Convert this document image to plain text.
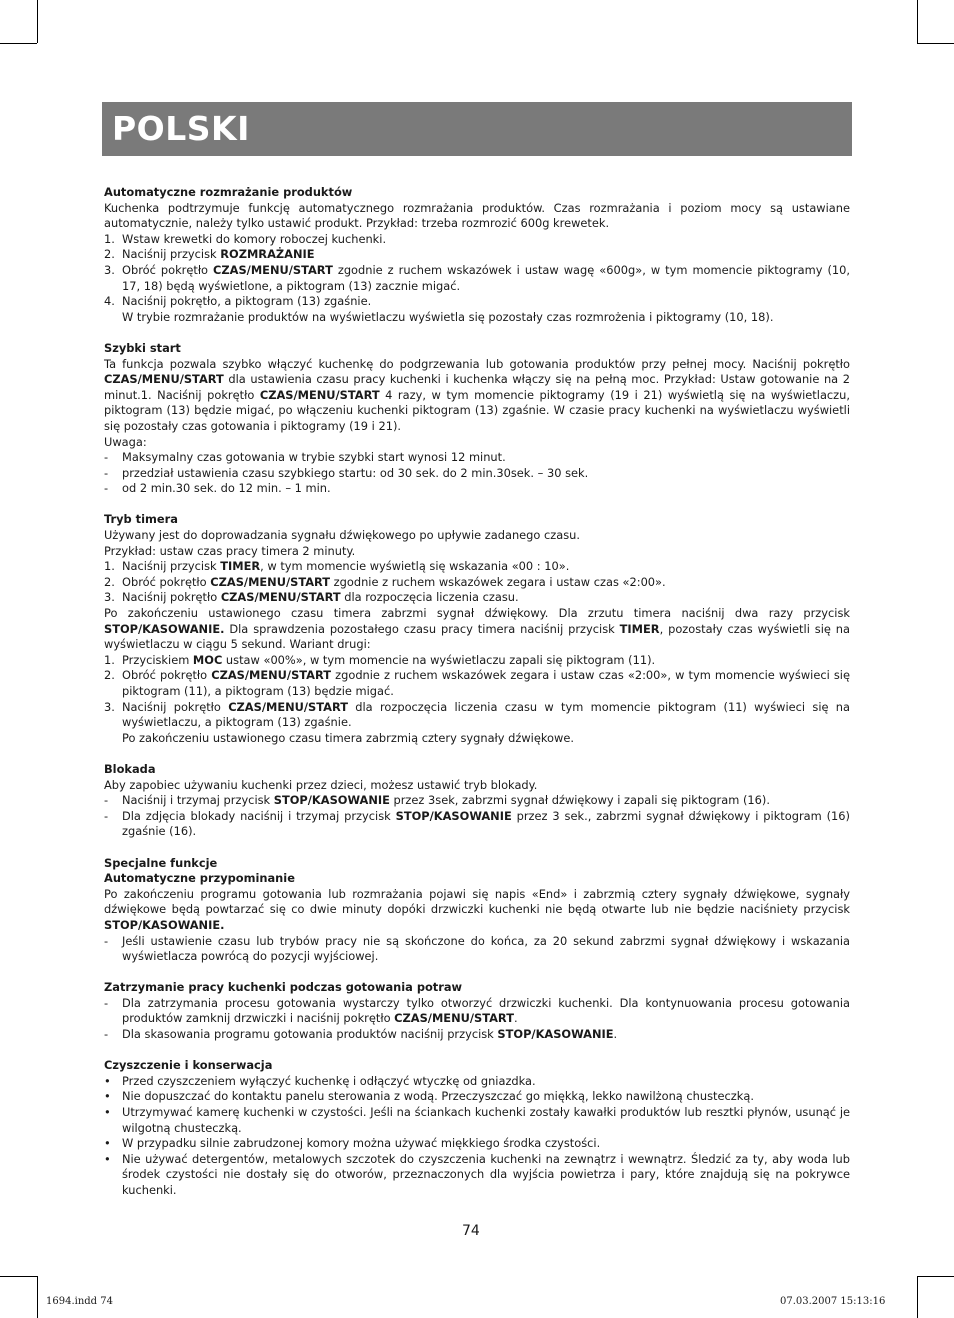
POLSKI
Automatyczne rozmrażanie produktów
Kuchenka podtrzymuje funkcję automatycznego rozmrażania produktów. Czas rozmrażania i poziom mocy są ustawiane automatycznie, należy tylko ustawić produkt. Przykład: trzeba rozmrozić 600g krewetek.
1. Wstaw krewetki do komory roboczej kuchenki.
2. Naciśnij przycisk ROZMRAŻANIE
3. Obróć pokrętło CZAS/MENU/START zgodnie z ruchem wskazówek i ustaw wagę «600g», w tym momencie piktogramy (10, 17, 18) będą wyświetlone, a piktogram (13) zacznie migać.
4. Naciśnij pokrętło, a piktogram (13) zgaśnie.
W trybie rozmrażanie produktów na wyświetlaczu wyświetla się pozostały czas rozmrożenia i piktogramy (10, 18).
Szybki start
Ta funkcja pozwala szybko włączyć kuchenkę do podgrzewania lub gotowania produktów przy pełnej mocy. Naciśnij pokrętło CZAS/MENU/START dla ustawienia czasu pracy kuchenki i kuchenka włączy się na pełną moc. Przykład: Ustaw gotowanie na 2 minut.1. Naciśnij pokrętło CZAS/MENU/START 4 razy, w tym momencie piktogramy (19 i 21) wyświetlą się na wyświetlaczu, piktogram (13) będzie migać, po włączeniu kuchenki piktogram (13) zgaśnie. W czasie pracy kuchenki na wyświetlaczu wyświetli się pozostały czas gotowania i piktogramy (19 i 21).
Uwaga:
- Maksymalny czas gotowania w trybie szybki start wynosi 12 minut.
- przedział ustawienia czasu szybkiego startu: od 30 sek. do 2 min.30sek. – 30 sek.
- od 2 min.30 sek. do 12 min. – 1 min.
Tryb timera
Używany jest do doprowadzania sygnału dźwiękowego po upływie zadanego czasu.
Przykład: ustaw czas pracy timera 2 minuty.
1. Naciśnij przycisk TIMER, w tym momencie wyświetlą się wskazania «00 : 10».
2. Obróć pokrętło CZAS/MENU/START zgodnie z ruchem wskazówek zegara i ustaw czas «2:00».
3. Naciśnij pokrętło CZAS/MENU/START dla rozpoczęcia liczenia czasu.
Po zakończeniu ustawionego czasu timera zabrzmi sygnał dźwiękowy. Dla zrzutu timera naciśnij dwa razy przycisk STOP/KASOWANIE. Dla sprawdzenia pozostałego czasu pracy timera naciśnij przycisk TIMER, pozostały czas wyświetli się na wyświetlaczu w ciągu 5 sekund. Wariant drugi:
1. Przyciskiem MOC ustaw «00%», w tym momencie na wyświetlaczu zapali się piktogram (11).
2. Obróć pokrętło CZAS/MENU/START zgodnie z ruchem wskazówek zegara i ustaw czas «2:00», w tym momencie wyświeci się piktogram (11), a piktogram (13) będzie migać.
3. Naciśnij pokrętło CZAS/MENU/START dla rozpoczęcia liczenia czasu w tym momencie piktogram (11) wyświeci się na wyświetlaczu, a piktogram (13) zgaśnie.
Po zakończeniu ustawionego czasu timera zabrzmią cztery sygnały dźwiękowe.
Blokada
Aby zapobiec używaniu kuchenki przez dzieci, możesz ustawić tryb blokady.
- Naciśnij i trzymaj przycisk STOP/KASOWANIE przez 3sek, zabrzmi sygnał dźwiękowy i zapali się piktogram (16).
- Dla zdjęcia blokady naciśnij i trzymaj przycisk STOP/KASOWANIE przez 3 sek., zabrzmi sygnał dźwiękowy i piktogram (16) zgaśnie (16).
Specjalne funkcje
Automatyczne przypominanie
Po zakończeniu programu gotowania lub rozmrażania pojawi się napis «End» i zabrzmią cztery sygnały dźwiękowe, sygnały dźwiękowe będą powtarzać się co dwie minuty dopóki drzwiczki kuchenki nie będą otwarte lub nie będzie naciśniety przycisk STOP/KASOWANIE.
- Jeśli ustawienie czasu lub trybów pracy nie są skończone do końca, za 20 sekund zabrzmi sygnał dźwiękowy i wskazania wyświetlacza powrócą do pozycji wyjściowej.
Zatrzymanie pracy kuchenki podczas gotowania potraw
- Dla zatrzymania procesu gotowania wystarczy tylko otworzyć drzwiczki kuchenki. Dla kontynuowania procesu gotowania produktów zamknij drzwiczki i naciśnij pokrętło CZAS/MENU/START.
- Dla skasowania programu gotowania produktów naciśnij przycisk STOP/KASOWANIE.
Czyszczenie i konserwacja
• Przed czyszczeniem wyłączyć kuchenkę i odłączyć wtyczkę od gniazdka.
• Nie dopuszczać do kontaktu panelu sterowania z wodą. Przeczyszczać go miękką, lekko nawilżoną chusteczką.
• Utrzymywać kamerę kuchenki w czystości. Jeśli na ściankach kuchenki zostały kawałki produktów lub resztki płynów, usunąć je wilgotną chusteczką.
• W przypadku silnie zabrudzonej komory można używać miękkiego środka czystości.
• Nie używać detergentów, metalowych szczotek do czyszczenia kuchenki na zewnątrz i wewnątrz. Śledzić za ty, aby woda lub środek czystości nie dostały się do otworów, przeznaczonych dla wyjścia powietrza i pary, które znajdują się na pokrywce kuchenki.
74
1694.indd 74	07.03.2007 15:13:16
